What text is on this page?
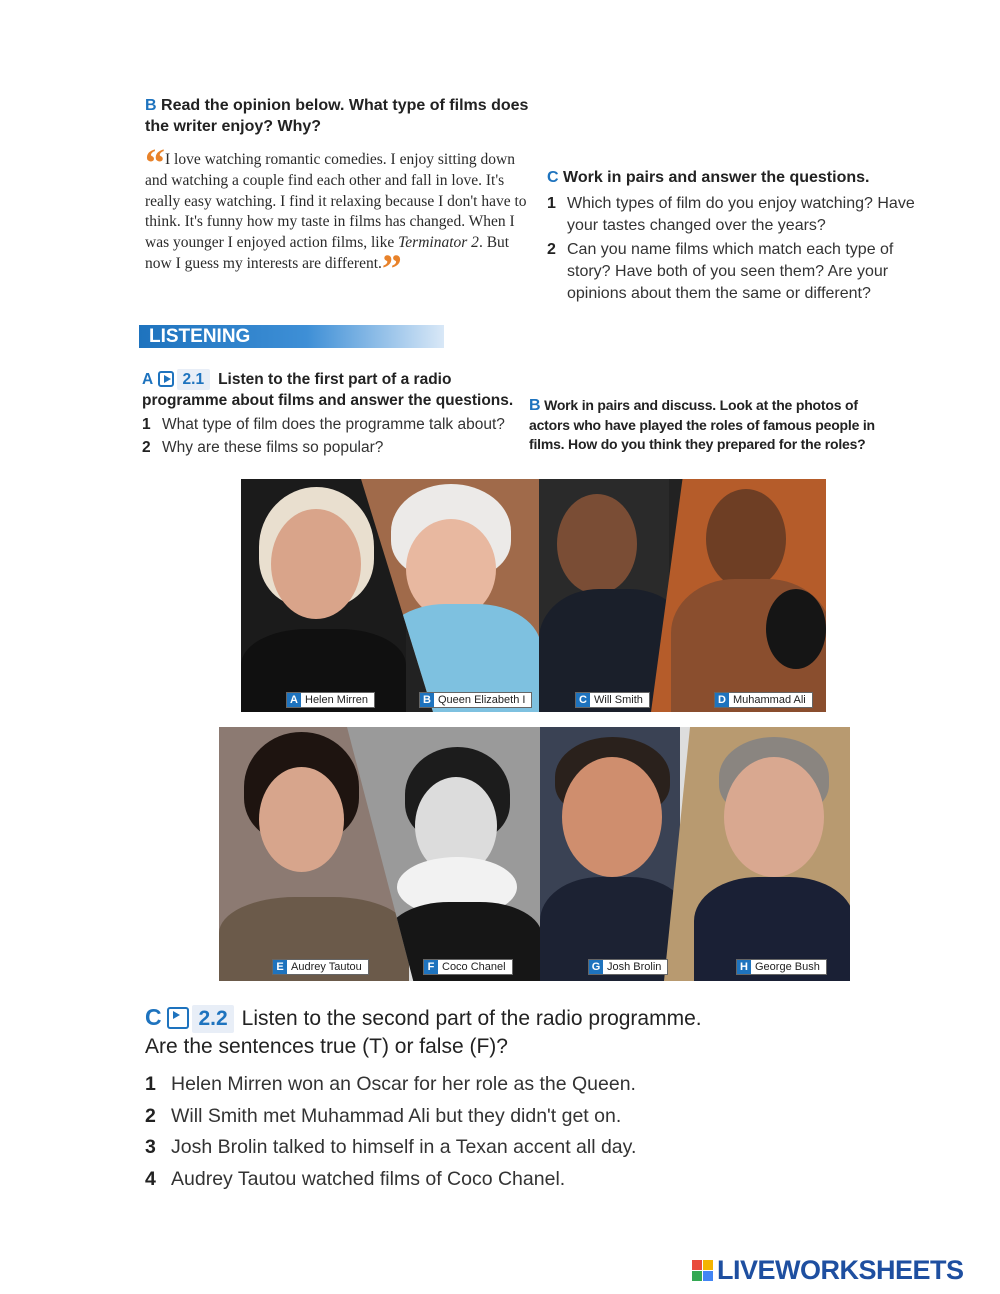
B Read the opinion below. What type of films does the writer enjoy? Why?
“I love watching romantic comedies. I enjoy sitting down and watching a couple find each other and fall in love. It's really easy watching. I find it relaxing because I don't have to think. It's funny how my taste in films has changed. When I was younger I enjoyed action films, like Terminator 2. But now I guess my interests are different.”
C Work in pairs and answer the questions.
1 Which types of film do you enjoy watching? Have your tastes changed over the years?
2 Can you name films which match each type of story? Have both of you seen them? Are your opinions about them the same or different?
LISTENING
A 2.1 Listen to the first part of a radio programme about films and answer the questions.
1 What type of film does the programme talk about?
2 Why are these films so popular?
B Work in pairs and discuss. Look at the photos of actors who have played the roles of famous people in films. How do you think they prepared for the roles?
A Helen Mirren	B Queen Elizabeth I	C Will Smith	D Muhammad Ali
E Audrey Tautou	F Coco Chanel	G Josh Brolin	H George Bush
C 2.2 Listen to the second part of the radio programme. Are the sentences true (T) or false (F)?
1 Helen Mirren won an Oscar for her role as the Queen.
2 Will Smith met Muhammad Ali but they didn't get on.
3 Josh Brolin talked to himself in a Texan accent all day.
4 Audrey Tautou watched films of Coco Chanel.
LIVEWORKSHEETS
